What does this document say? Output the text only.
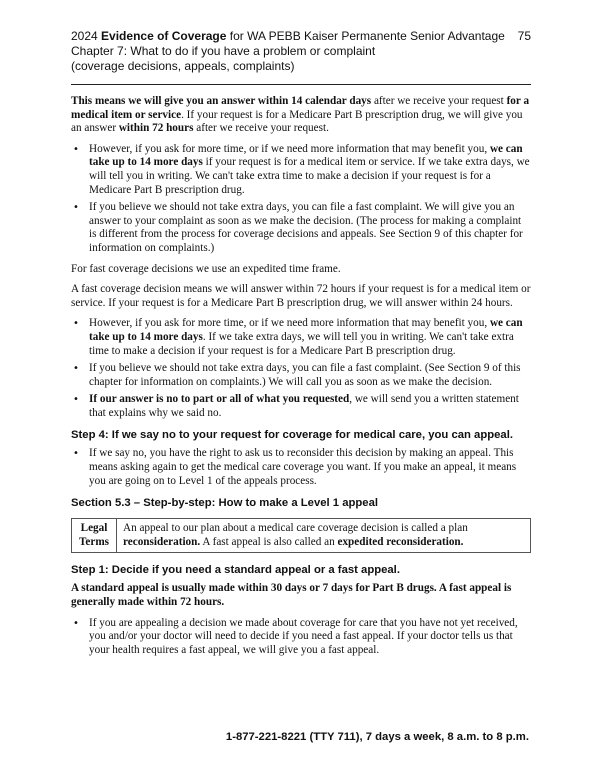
2024 Evidence of Coverage for WA PEBB Kaiser Permanente Senior Advantage
Chapter 7: What to do if you have a problem or complaint
(coverage decisions, appeals, complaints)
75

This means we will give you an answer within 14 calendar days after we receive your request for a medical item or service. If your request is for a Medicare Part B prescription drug, we will give you an answer within 72 hours after we receive your request.

• However, if you ask for more time, or if we need more information that may benefit you, we can take up to 14 more days if your request is for a medical item or service. If we take extra days, we will tell you in writing. We can't take extra time to make a decision if your request is for a Medicare Part B prescription drug.
• If you believe we should not take extra days, you can file a fast complaint. We will give you an answer to your complaint as soon as we make the decision. (The process for making a complaint is different from the process for coverage decisions and appeals. See Section 9 of this chapter for information on complaints.)

For fast coverage decisions we use an expedited time frame.

A fast coverage decision means we will answer within 72 hours if your request is for a medical item or service. If your request is for a Medicare Part B prescription drug, we will answer within 24 hours.

• However, if you ask for more time, or if we need more information that may benefit you, we can take up to 14 more days. If we take extra days, we will tell you in writing. We can't take extra time to make a decision if your request is for a Medicare Part B prescription drug.
• If you believe we should not take extra days, you can file a fast complaint. (See Section 9 of this chapter for information on complaints.) We will call you as soon as we make the decision.
• If our answer is no to part or all of what you requested, we will send you a written statement that explains why we said no.
Step 4: If we say no to your request for coverage for medical care, you can appeal.
• If we say no, you have the right to ask us to reconsider this decision by making an appeal. This means asking again to get the medical care coverage you want. If you make an appeal, it means you are going on to Level 1 of the appeals process.
Section 5.3 – Step-by-step: How to make a Level 1 appeal
Legal
Terms
An appeal to our plan about a medical care coverage decision is called a plan reconsideration. A fast appeal is also called an expedited reconsideration.
Step 1: Decide if you need a standard appeal or a fast appeal.

A standard appeal is usually made within 30 days or 7 days for Part B drugs. A fast appeal is generally made within 72 hours.

• If you are appealing a decision we made about coverage for care that you have not yet received, you and/or your doctor will need to decide if you need a fast appeal. If your doctor tells us that your health requires a fast appeal, we will give you a fast appeal.
1-877-221-8221 (TTY 711), 7 days a week, 8 a.m. to 8 p.m.
